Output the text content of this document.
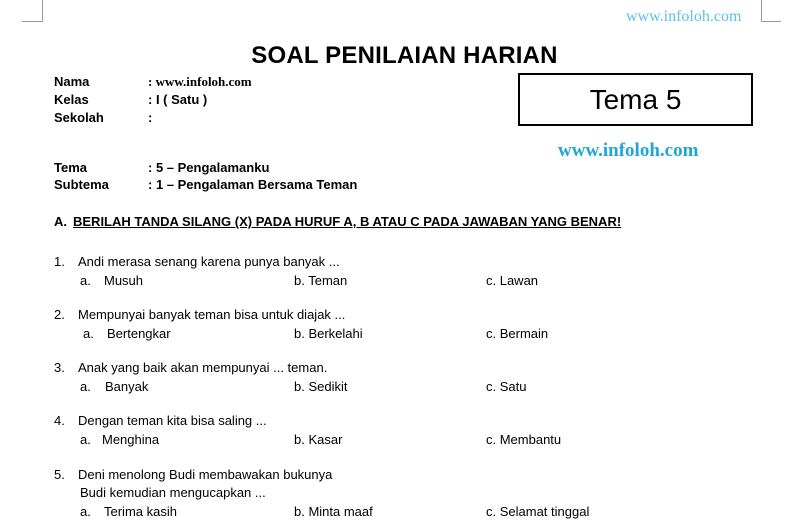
www.infoloh.com
SOAL PENILAIAN HARIAN
Nama	: www.infoloh.com
Kelas	: I ( Satu )
Sekolah	:
Tema	: 5 – Pengalamanku
Subtema	: 1 – Pengalaman Bersama Teman
Tema 5
www.infoloh.com
A. BERILAH TANDA SILANG (X) PADA HURUF A, B ATAU C PADA JAWABAN YANG BENAR!
1. Andi merasa senang karena punya banyak ...
a. Musuh	b. Teman	c. Lawan
2. Mempunyai banyak teman bisa untuk diajak ...
a. Bertengkar	b. Berkelahi	c. Bermain
3. Anak yang baik akan mempunyai ... teman.
a. Banyak	b. Sedikit	c. Satu
4. Dengan teman kita bisa saling ...
a. Menghina	b. Kasar	c. Membantu
5. Deni menolong Budi membawakan bukunya
Budi kemudian mengucapkan ...
a. Terima kasih	b. Minta maaf	c. Selamat tinggal
